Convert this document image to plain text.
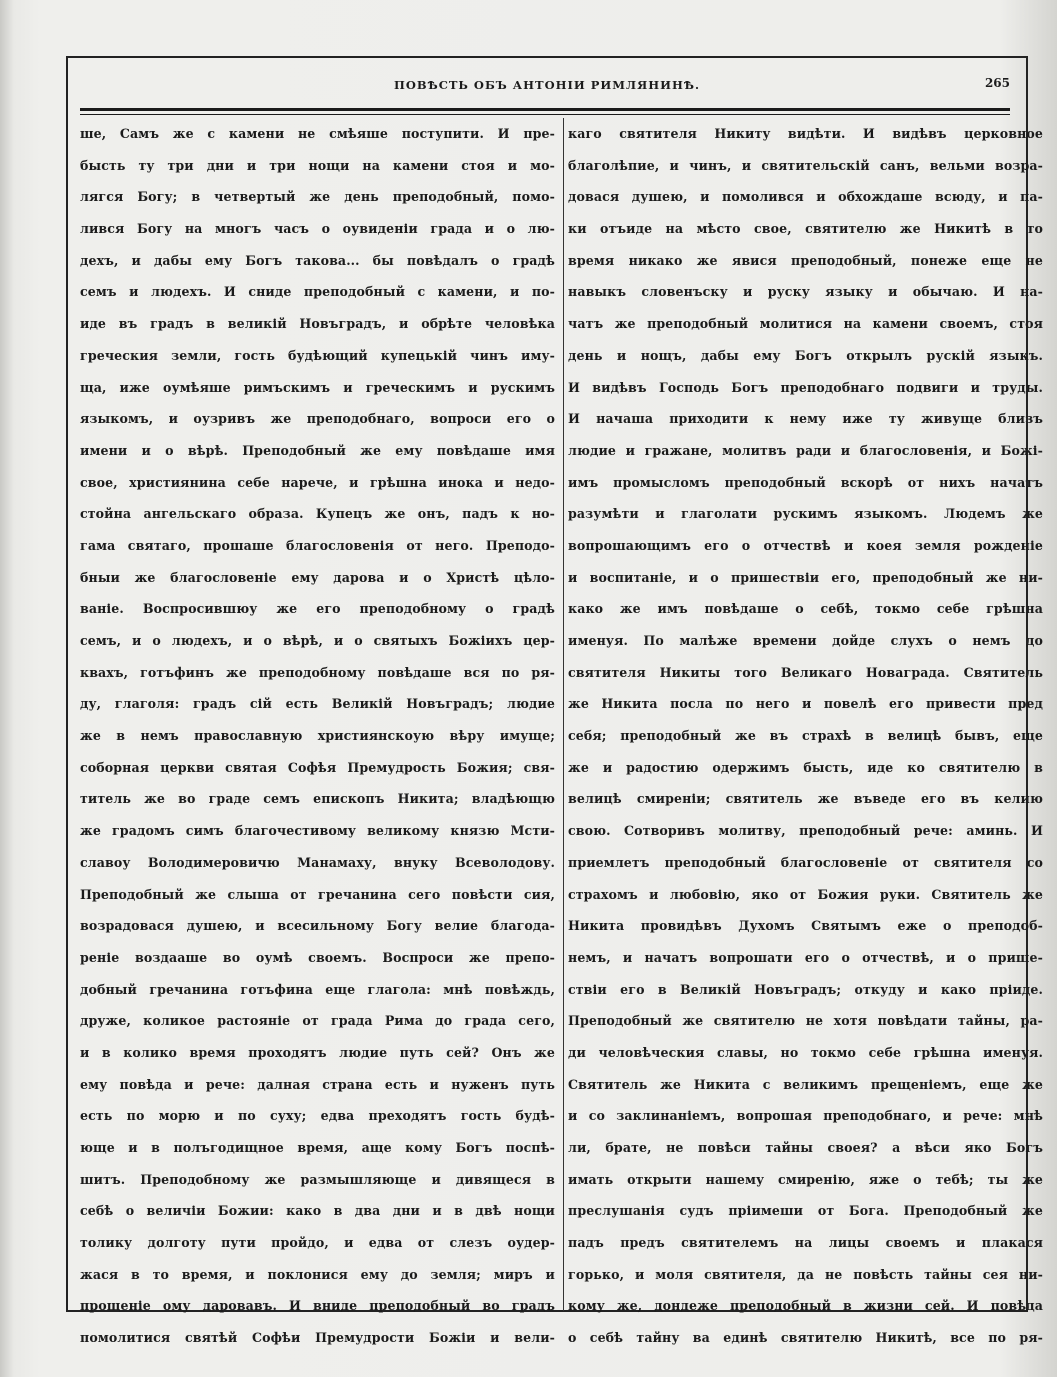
ПОВѢСТЬ ОБЪ АНТОНІИ РИМЛЯНИНѢ.	265
ше, Самъ же с камени не смѣяше поступити. И пре-
бысть ту три дни и три нощи на камени стоя и мо-
лягся Богу; в четвертый же день преподобный, помо-
лився Богу на многъ часъ о оувиденіи града и о лю-
дехъ, и дабы ему Богъ такова... бы повѣдалъ о градѣ
семъ и людехъ. И сниде преподобный с камени, и по-
иде въ градъ в великій Новъградъ, и обрѣте человѣка
греческия земли, гость будѣющий купецькій чинъ иму-
ща, иже оумѣяше римъскимъ и греческимъ и рускимъ
языкомъ, и оузривъ же преподобнаго, вопроси его о
имени и о вѣрѣ. Преподобный же ему повѣдаше имя
свое, християнина себе нарече, и грѣшна инока и недо-
стойна ангельскаго образа. Купецъ же онъ, падъ к но-
гама святаго, прошаше благословенія от него. Преподо-
бныи же благословеніе ему дарова и о Христѣ цѣло-
ваніе. Воспросившюу же его преподобному о градѣ
семъ, и о людехъ, и о вѣрѣ, и о святыхъ Божіихъ цер-
квахъ, готъфинъ же преподобному повѣдаше вся по ря-
ду, глаголя: градъ сій есть Великій Новъградъ; людие
же в немъ православную християнскоую вѣру имуще;
соборная церкви святая Софѣя Премудрость Божия; свя-
титель же во граде семъ епископъ Никита; владѣющю
же градомъ симъ благочестивому великому князю Мсти-
славоу Володимеровичю Манамаху, внуку Всеволодову.
Преподобный же слыша от гречанина сего повѣсти сия,
возрадовася душею, и всесильному Богу велие благода-
реніе воздааше во оумѣ своемъ. Воспроси же препо-
добный гречанина готъфина еще глагола: мнѣ повѣждь,
друже, коликое растояніе от града Рима до града сего,
и в колико время проходятъ людие путь сей? Онъ же
ему повѣда и рече: далная страна есть и нуженъ путь
есть по морю и по суху; едва преходятъ гость будѣ-
юще и в полъгодищное время, аще кому Богъ поспѣ-
шитъ. Преподобному же размышляюще и дивящеся в
себѣ о величіи Божии: како в два дни и в двѣ нощи
толику долготу пути пройдо, и едва от слезъ оудер-
жася в то время, и поклонися ему до земля; миръ и
прощеніе ому даровавъ. И вниде преподобный во градъ
помолитися святѣй Софѣи Премудрости Божіи и вели-
каго святителя Никиту видѣти. И видѣвъ церковное
благолѣпие, и чинъ, и святительскій санъ, вельми возра-
довася душею, и помолився и обхождаше всюду, и па-
ки отъиде на мѣсто свое, святителю же Никитѣ в то
время никако же явися преподобный, понеже еще не
навыкъ словенъску и руску языку и обычаю. И на-
чатъ же преподобный молитися на камени своемъ, стоя
день и нощъ, дабы ему Богъ открылъ рускій языкъ.
И видѣвъ Господь Богъ преподобнаго подвиги и труды.
И начаша приходити к нему иже ту живуще близъ
людие и гражане, молитвъ ради и благословенія, и Божі-
имъ промысломъ преподобный вскорѣ от нихъ начатъ
разумѣти и глаголати рускимъ языкомъ. Людемъ же
вопрошающимъ его о отчествѣ и коея земля рожденіе
и воспитаніе, и о пришествіи его, преподобный же ни-
како же имъ повѣдаше о себѣ, токмо себе грѣшна
именуя. По малѣже времени дойде слухъ о немъ до
святителя Никиты того Великаго Новаграда. Святитель
же Никита посла по него и повелѣ его привести пред
себя; преподобный же въ страхѣ в велицѣ бывъ, еще
же и радостию одержимъ бысть, иде ко святителю в
велицѣ смиреніи; святитель же въведе его въ келию
свою. Сотворивъ молитву, преподобный рече: аминь. И
приемлетъ преподобный благословеніе от святителя со
страхомъ и любовію, яко от Божия руки. Святитель же
Никита провидѣвъ Духомъ Святымъ еже о преподоб-
немъ, и начатъ вопрошати его о отчествѣ, и о прише-
ствіи его в Великій Новъградъ; откуду и како пріиде.
Преподобный же святителю не хотя повѣдати тайны, ра-
ди человѣческия славы, но токмо себе грѣшна именуя.
Святитель же Никита с великимъ прещеніемъ, еще же
и со заклинаніемъ, вопрошая преподобнаго, и рече: мнѣ
ли, брате, не повѣси тайны своея? а вѣси яко Богъ
имать открыти нашему смиренію, яже о тебѣ; ты же
преслушанія судъ пріимеши от Бога. Преподобный же
падъ предъ святителемъ на лицы своемъ и плакася
горько, и моля святителя, да не повѣсть тайны сея ни-
кому же, дондеже преподобный в жизни сей. И повѣда
о себѣ тайну ва единѣ святителю Никитѣ, все по ря-
